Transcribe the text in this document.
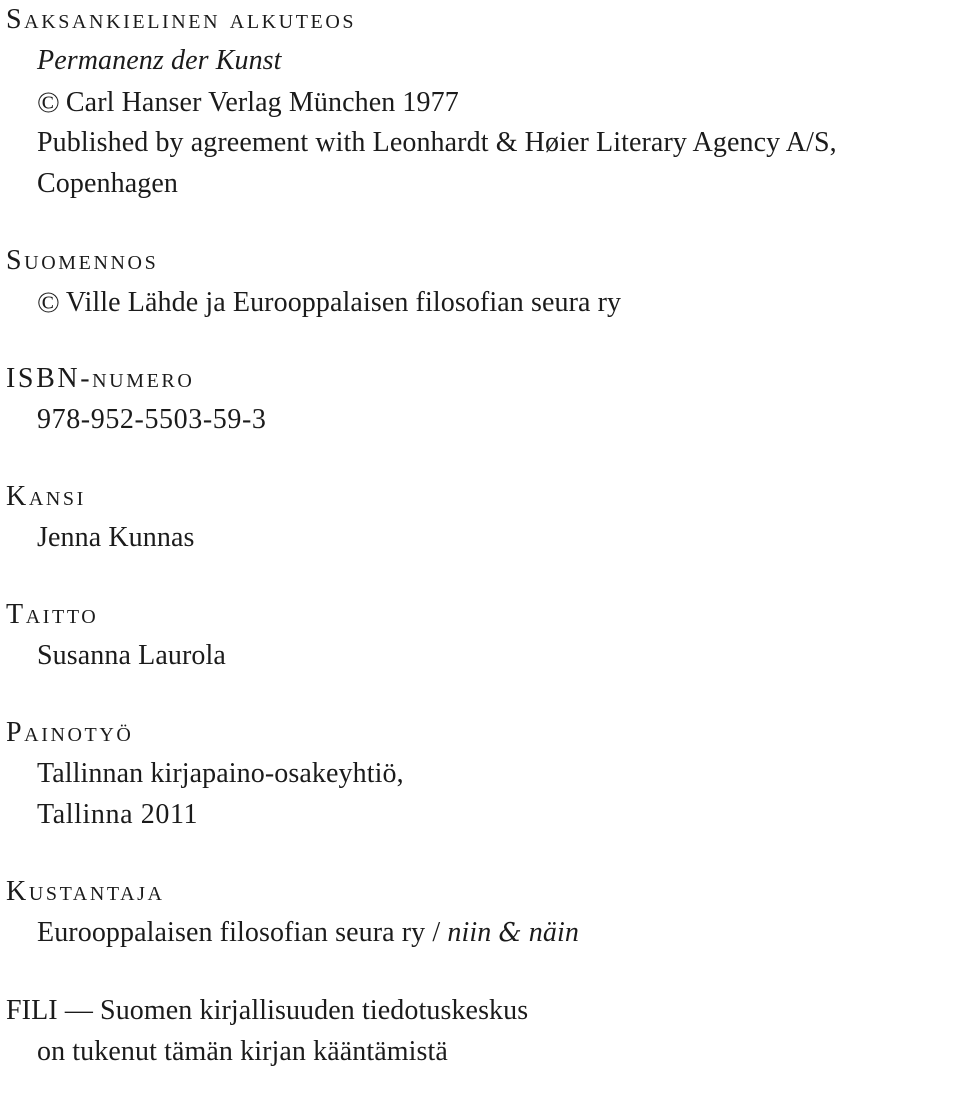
Saksankielinen alkuteos
Permanenz der Kunst
© Carl Hanser Verlag München 1977
Published by agreement with Leonhardt & Høier Literary Agency A/S,
Copenhagen
Suomennos
© Ville Lähde ja Eurooppalaisen filosofian seura ry
ISBN-numero
978-952-5503-59-3
Kansi
Jenna Kunnas
Taitto
Susanna Laurola
Painotyö
Tallinnan kirjapaino-osakeyhtiö,
Tallinna 2011
Kustantaja
Eurooppalaisen filosofian seura ry / niin & näin
FILI — Suomen kirjallisuuden tiedotuskeskus
on tukenut tämän kirjan kääntämistä
